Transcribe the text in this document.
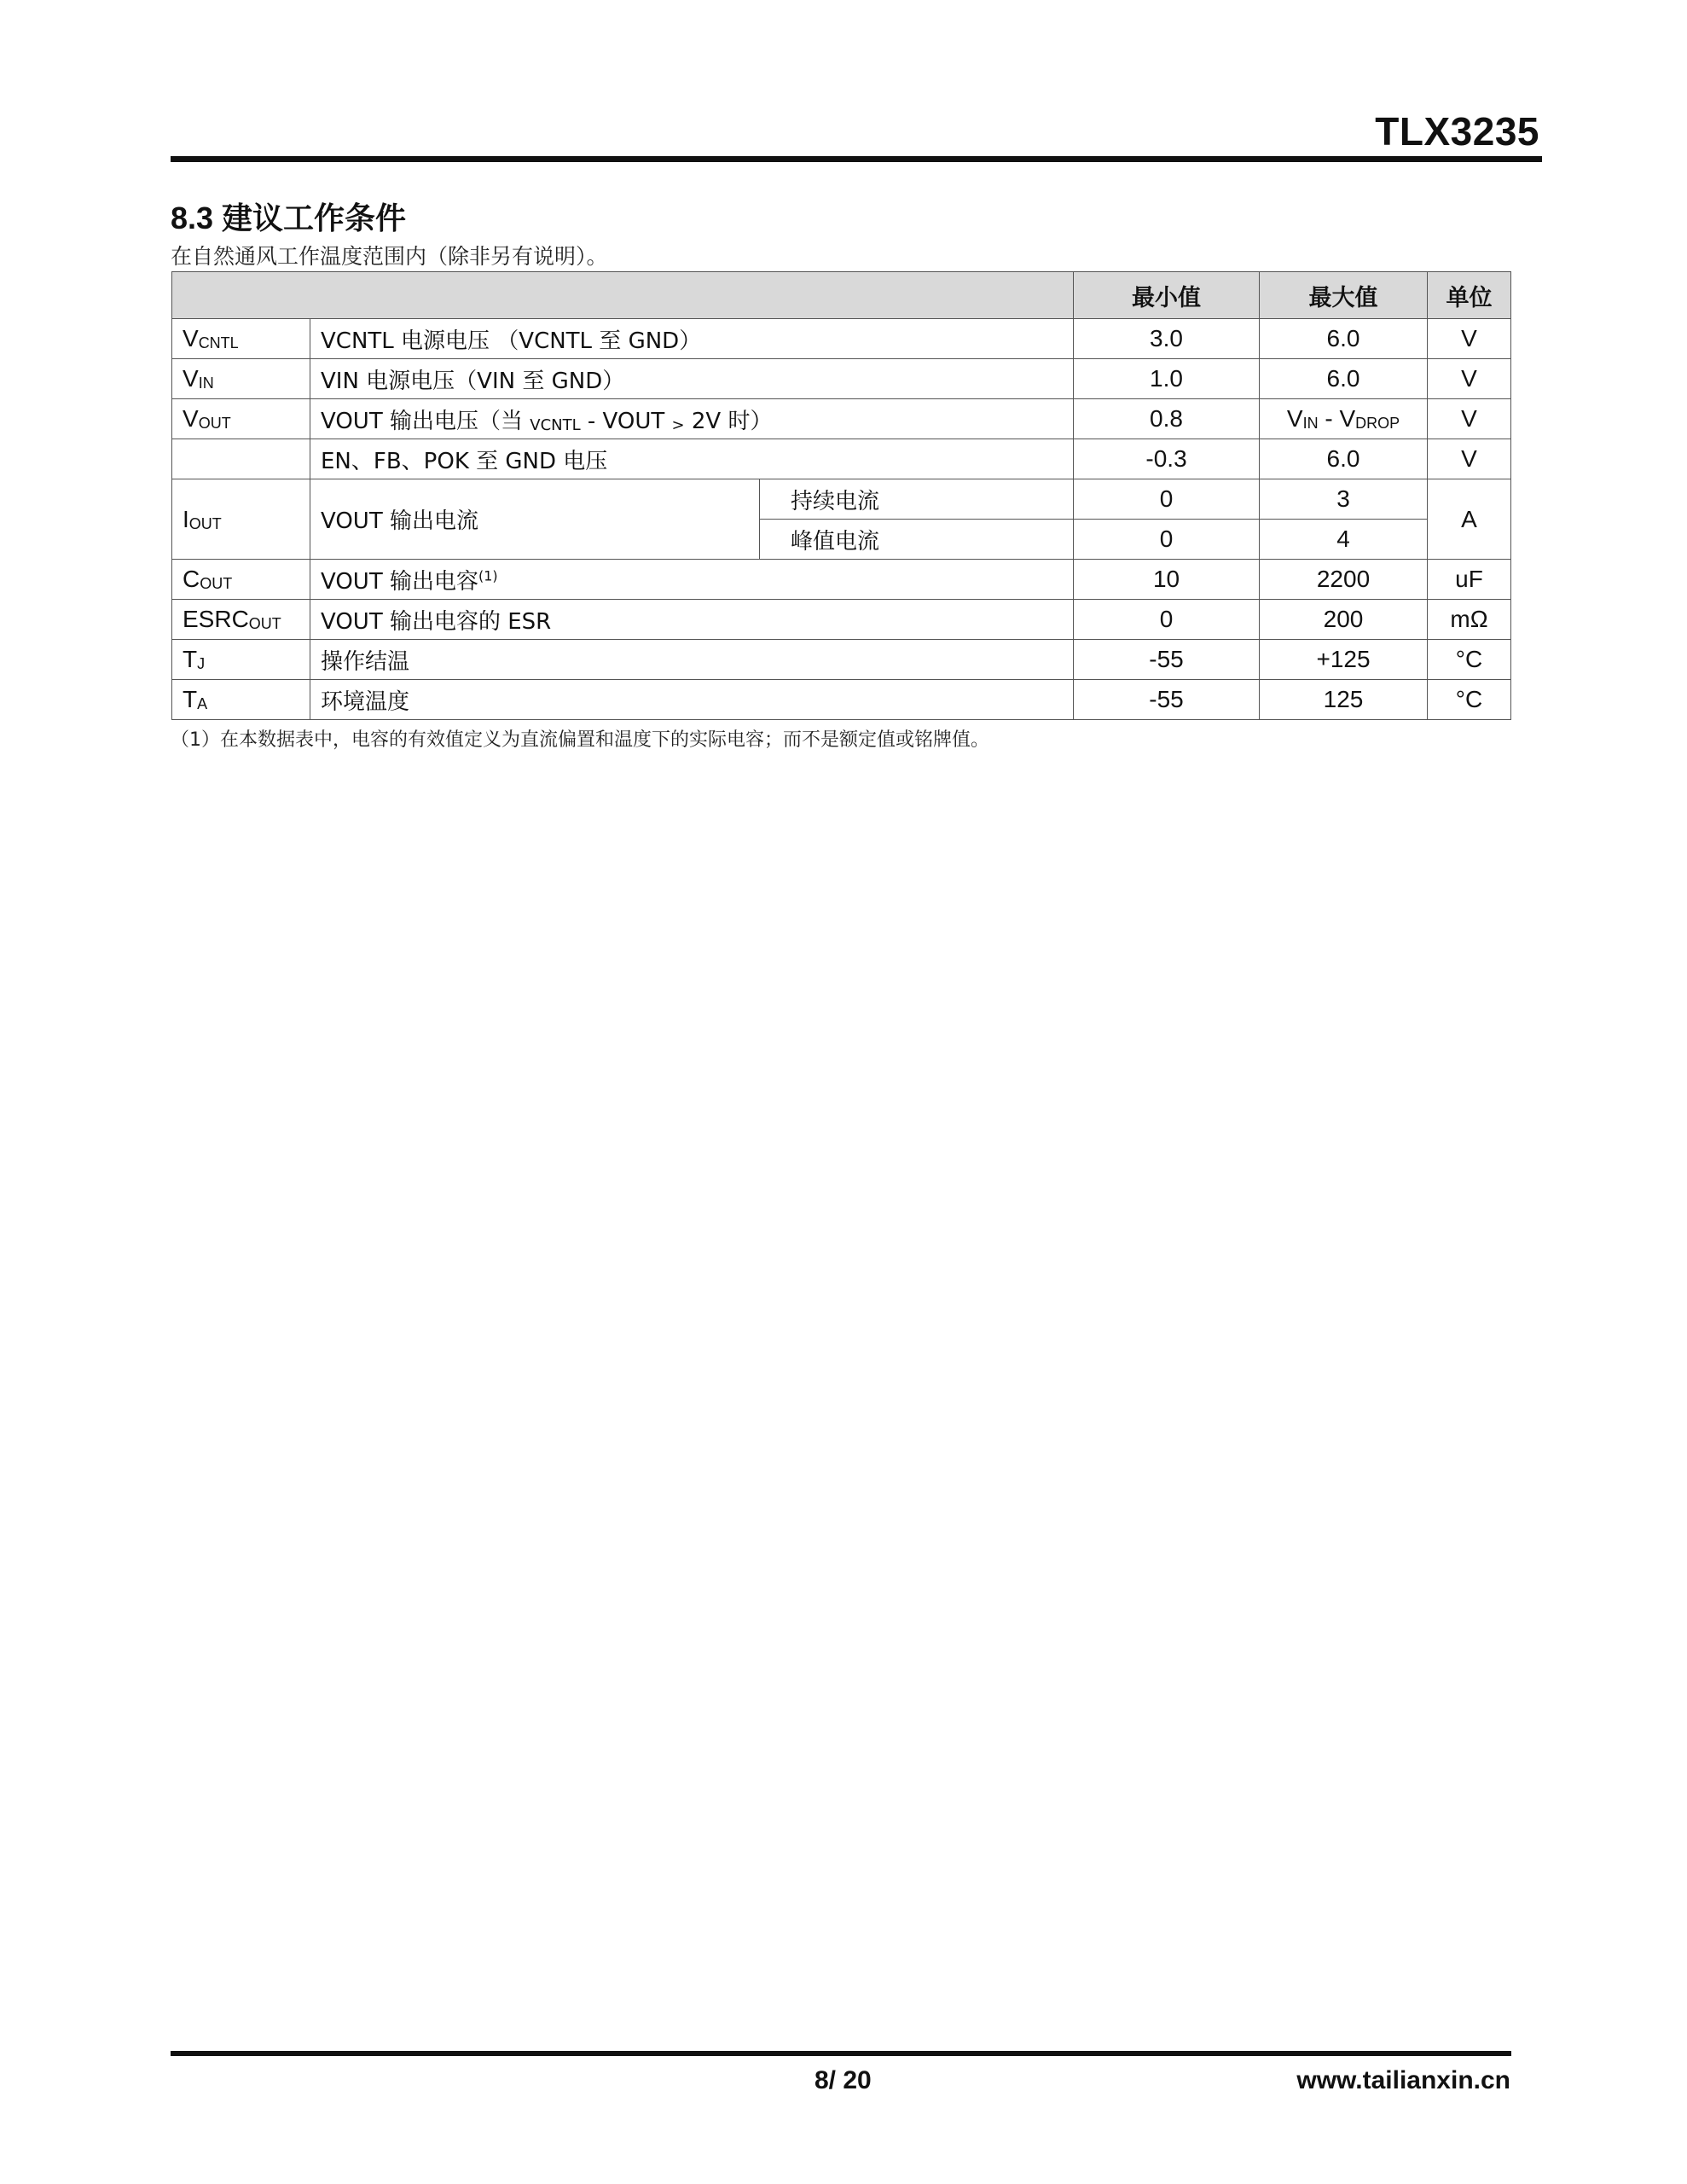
TLX3235
8.3 建议工作条件
在自然通风工作温度范围内（除非另有说明）。
			最小值	最大值	单位
VCNTL	VCNTL 电源电压 （VCNTL 至 GND）		3.0	6.0	V
VIN	VIN 电源电压（VIN 至 GND）		1.0	6.0	V
VOUT	VOUT 输出电压（当 VCNTL - VOUT > 2V 时）		0.8	VIN - VDROP	V
	EN、FB、POK 至 GND 电压		-0.3	6.0	V
IOUT	VOUT 输出电流	持续电流	0	3	A
		峰值电流	0	4	
COUT	VOUT 输出电容$^{(1)}$		10	2200	uF
ESRCOUT	VOUT 输出电容的 ESR		0	200	mΩ
TJ	操作结温		-55	+125	°C
TA	环境温度		-55	125	°C
（1）在本数据表中，电容的有效值定义为直流偏置和温度下的实际电容；而不是额定值或铭牌值。
8/ 20	www.tailianxin.cn
